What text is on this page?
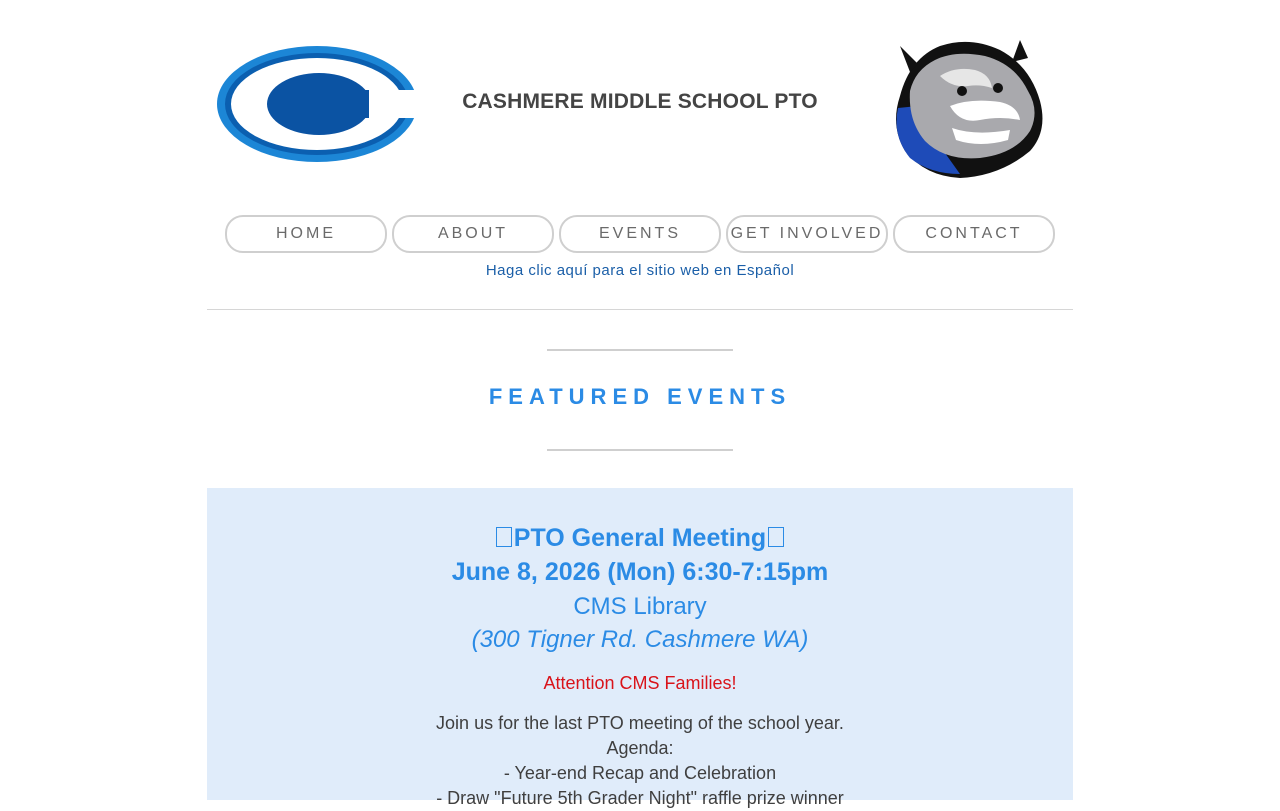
CASHMERE MIDDLE SCHOOL PTO
HOME	ABOUT	EVENTS	GET INVOLVED	CONTACT
Haga clic aquí para el sitio web en Español
FEATURED EVENTS
PTO General Meeting
June 8, 2026 (Mon) 6:30-7:15pm
CMS Library
(300 Tigner Rd. Cashmere WA)
Attention CMS Families!
Join us for the last PTO meeting of the school year.
Agenda:
- Year-end Recap and Celebration
- Draw "Future 5th Grader Night" raffle prize winner
